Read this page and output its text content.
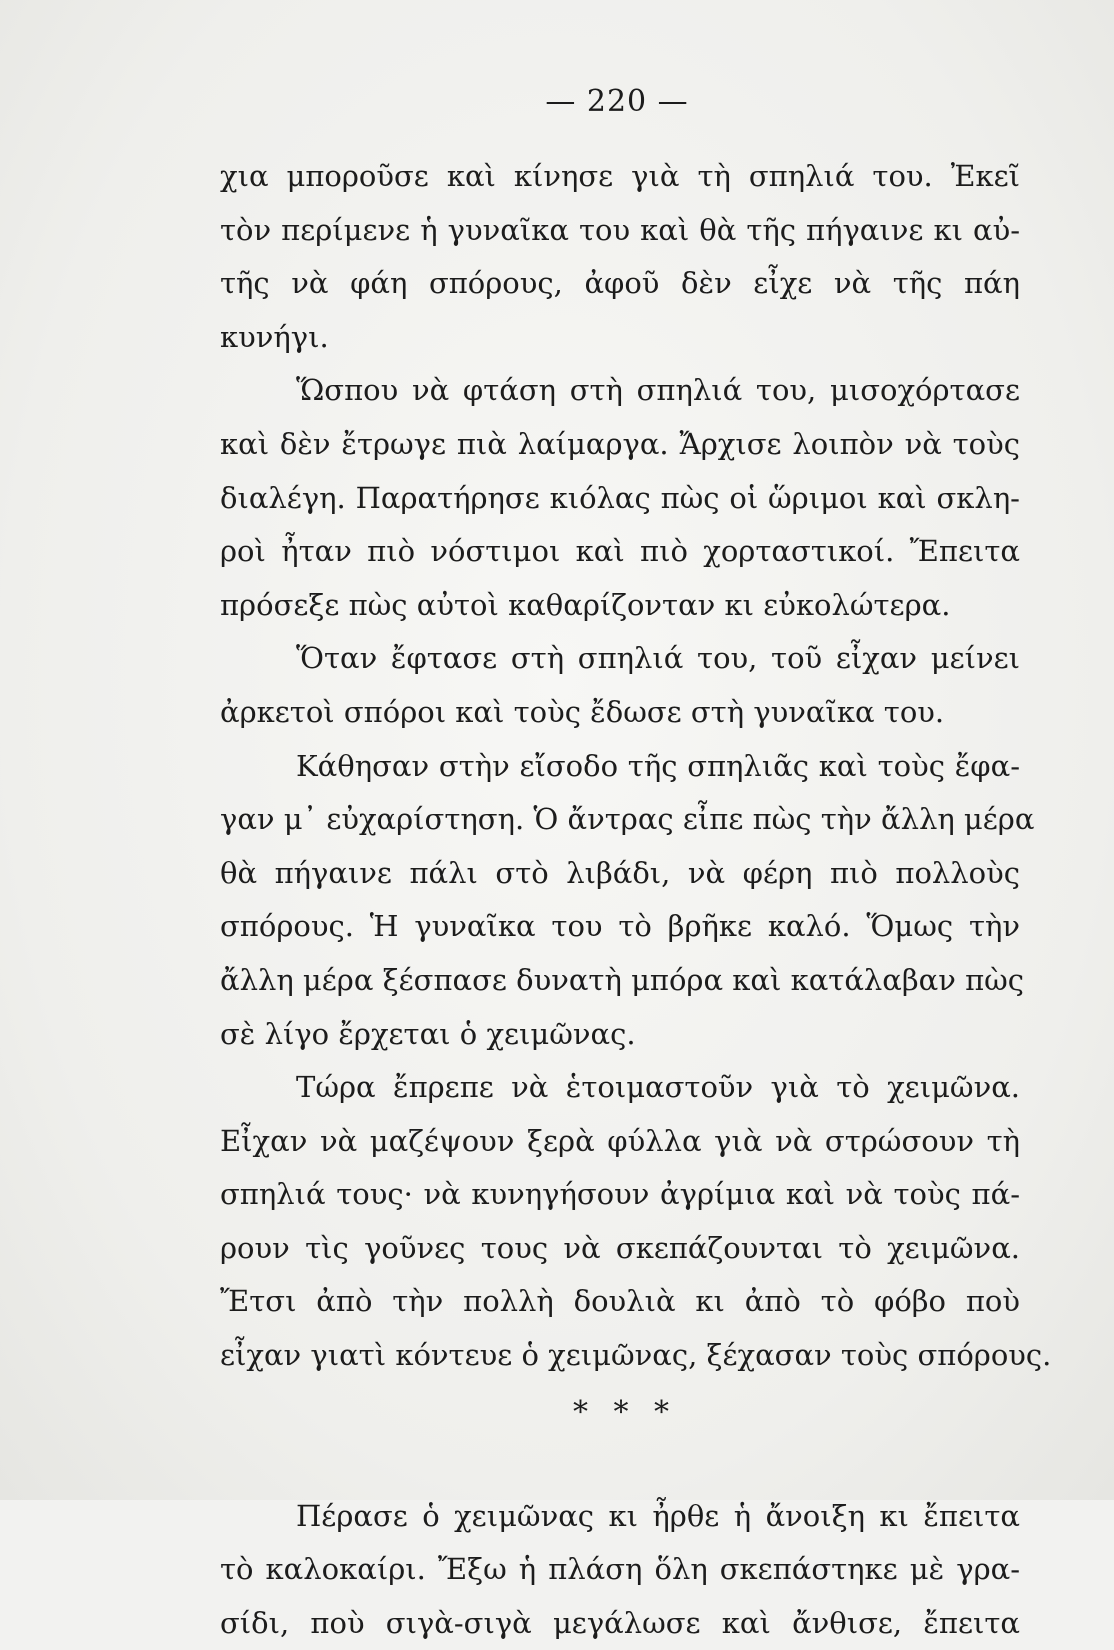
— 220 —
χια μποροῦσε καὶ κίνησε γιὰ τὴ σπηλιά του. Ἐκεῖ
τὸν περίμενε ἡ γυναῖκα του καὶ θὰ τῆς πήγαινε κι αὐ-
τῆς νὰ φάη σπόρους, ἀφοῦ δὲν εἶχε νὰ τῆς πάη
κυνήγι.
Ὥσπου νὰ φτάση στὴ σπηλιά του, μισοχόρτασε
καὶ δὲν ἔτρωγε πιὰ λαίμαργα. Ἄρχισε λοιπὸν νὰ τοὺς
διαλέγη. Παρατήρησε κιόλας πὼς οἱ ὥριμοι καὶ σκλη-
ροὶ ἦταν πιὸ νόστιμοι καὶ πιὸ χορταστικοί. Ἔπειτα
πρόσεξε πὼς αὐτοὶ καθαρίζονταν κι εὐκολώτερα.
Ὅταν ἔφτασε στὴ σπηλιά του, τοῦ εἶχαν μείνει
ἀρκετοὶ σπόροι καὶ τοὺς ἔδωσε στὴ γυναῖκα του.
Κάθησαν στὴν εἴσοδο τῆς σπηλιᾶς καὶ τοὺς ἔφα-
γαν μ᾽ εὐχαρίστηση. Ὁ ἄντρας εἶπε πὼς τὴν ἄλλη μέρα
θὰ πήγαινε πάλι στὸ λιβάδι, νὰ φέρη πιὸ πολλοὺς
σπόρους. Ἡ γυναῖκα του τὸ βρῆκε καλό. Ὅμως τὴν
ἄλλη μέρα ξέσπασε δυνατὴ μπόρα καὶ κατάλαβαν πὼς
σὲ λίγο ἔρχεται ὁ χειμῶνας.
Τώρα ἔπρεπε νὰ ἑτοιμαστοῦν γιὰ τὸ χειμῶνα.
Εἶχαν νὰ μαζέψουν ξερὰ φύλλα γιὰ νὰ στρώσουν τὴ
σπηλιά τους· νὰ κυνηγήσουν ἀγρίμια καὶ νὰ τοὺς πά-
ρουν τὶς γοῦνες τους νὰ σκεπάζουνται τὸ χειμῶνα.
Ἔτσι ἀπὸ τὴν πολλὴ δουλιὰ κι ἀπὸ τὸ φόβο ποὺ
εἶχαν γιατὶ κόντευε ὁ χειμῶνας, ξέχασαν τοὺς σπόρους.
* * *
Πέρασε ὁ χειμῶνας κι ἦρθε ἡ ἄνοιξη κι ἔπειτα
τὸ καλοκαίρι. Ἔξω ἡ πλάση ὅλη σκεπάστηκε μὲ γρα-
σίδι, ποὺ σιγὰ-σιγὰ μεγάλωσε καὶ ἄνθισε, ἔπειτα
